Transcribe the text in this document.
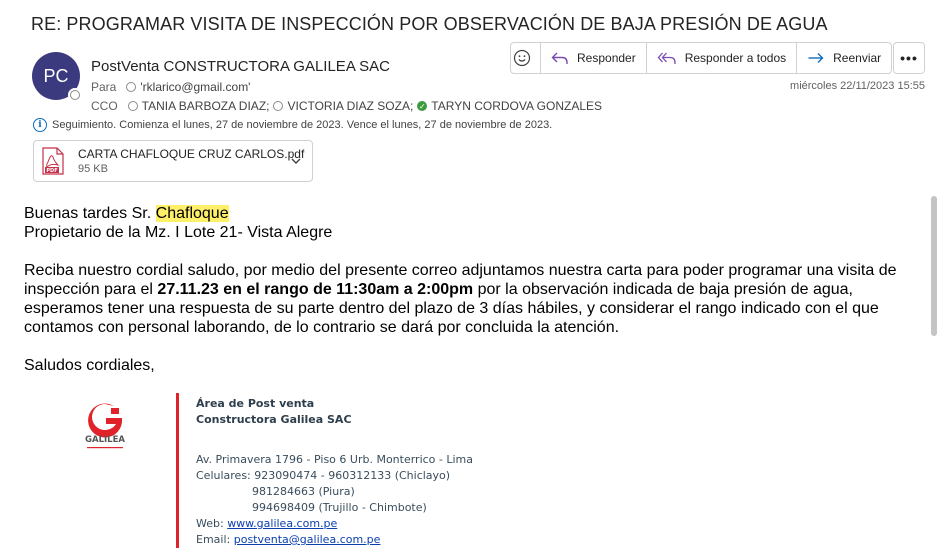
RE: PROGRAMAR VISITA DE INSPECCIÓN POR OBSERVACIÓN DE BAJA PRESIÓN DE AGUA
PC PostVenta CONSTRUCTORA GALILEA SAC
Para 'rklarico@gmail.com'
CCO TANIA BARBOZA DIAZ; VICTORIA DIAZ SOZA; ✓ TARYN CORDOVA GONZALES
i Seguimiento.
Comienza el lunes, 27 de noviembre de 2023. Vence el lunes, 27 de noviembre de 2023.
Responder	Responder a todos	Reenviar •••
miércoles 22/11/2023 15:55
PDF
CARTA CHAFLOQUE CRUZ CARLOS.pdf
95 KB

Buenas tardes Sr. Chafloque

Propietario de la Mz. I Lote 21- Vista Alegre

Reciba nuestro cordial saludo, por medio del presente correo adjuntamos nuestra carta para poder programar una visita de inspección para el 27.11.23 en el rango de 11:30am a 2:00pm por la observación indicada de baja presión de agua, esperamos tener una respuesta de su parte dentro del plazo de 3 días hábiles, y considerar el rango indicado con el que contamos con personal laborando, de lo contrario se dará por concluida la atención.

Saludos cordiales,

GALILEA
Área de Post venta
Constructora Galilea SAC
Av. Primavera 1796 - Piso 6 Urb. Monterrico - Lima
Celulares: 923090474 - 960312133 (Chiclayo)
981284663 (Piura)
994698409 (Trujillo - Chimbote)
Web: www.galilea.com.pe
Email: postventa@galilea.com.pe
